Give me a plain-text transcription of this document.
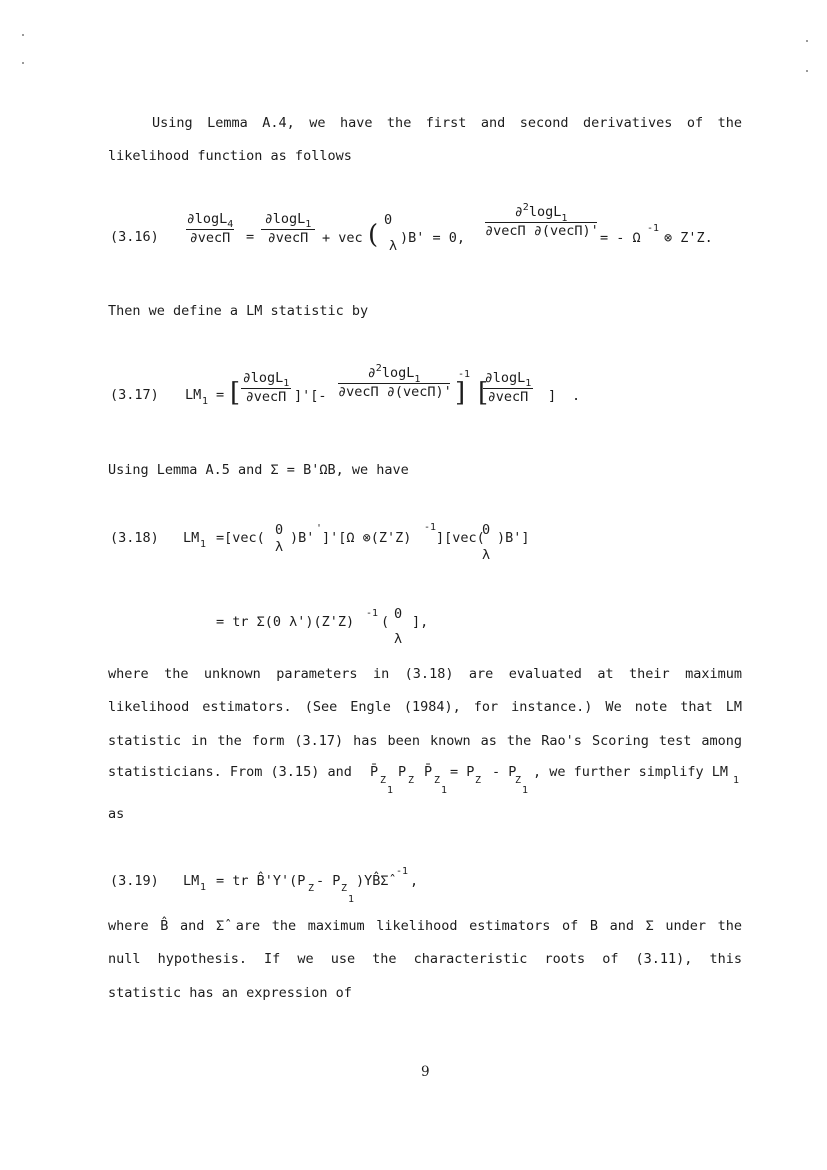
Using Lemma A.4, we have the first and second derivatives of the
likelihood function as follows
(3.16)
∂logL$_4$
∂vecΠ =
∂logL$_1$
∂vecΠ	+ vec ( 0
λ )B' = 0,
∂$^2$logL$_1$
∂vecΠ ∂(vecΠ)' = - Ω
-1
⊗ Z'Z.
Then we define a LM statistic by
(3.17) LM 1 = [ ∂logL$_1$
∂vecΠ ]'[-
∂$^2$logL$_1$
∂vecΠ ∂(vecΠ)' ]
-1
[
∂logL$_1$
∂vecΠ	] .
Using Lemma A.5 and Σ = B'ΩB, we have
(3.18) LM 1 =[vec( 0
λ
)B'
'
]'[Ω ⊗(Z'Z)
-1
][vec(
0
λ
)B']
= tr Σ(0 λ')(Z'Z)
-1
( 0
λ
],
where the unknown parameters in (3.18) are evaluated at their maximum
likelihood estimators. (See Engle (1984), for instance.) We note that LM
statistic in the form (3.17) has been known as the Rao's Scoring test among
statisticians. From (3.15) and P̄
Z
1
P
Z
P̄
Z
1
= P
Z
- P
Z
1
, we further simplify LM
1
as
(3.19) LM 1 = tr B̂'Y'(P Z - P Z
1
)YB̂Σ̂
-1
,
where B̂ and Σ̂ are the maximum likelihood estimators of B and Σ under the
null hypothesis. If we use the characteristic roots of (3.11), this
statistic has an expression of
9
